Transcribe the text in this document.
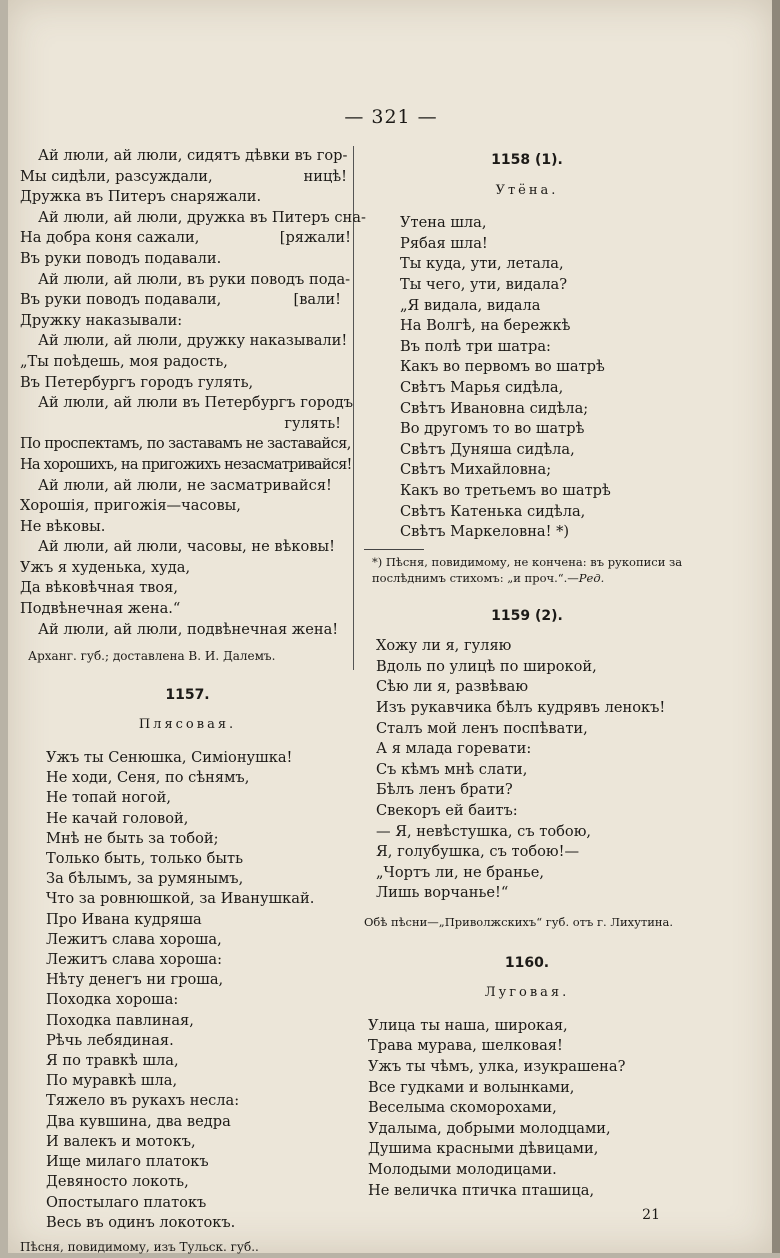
— 321 —
Ай люли, ай люли, сидятъ дѣвки въ гор-
Мы сидѣли, разсуждали,	ницѣ!
Дружка въ Питеръ снаряжали.
Ай люли, ай люли, дружка въ Питеръ сна-
На добра коня сажали,	[ряжали!
Въ руки поводъ подавали.
Ай люли, ай люли, въ руки поводъ пода-
Въ руки поводъ подавали,	[вали!
Дружку наказывали:
Ай люли, ай люли, дружку наказывали!
„Ты поѣдешь, моя радость,
Въ Петербургъ городъ гулять,
Ай люли, ай люли въ Петербургъ городъ
гулять!
По проспектамъ, по заставамъ не заставайся,
На хорошихъ, на пригожихъ незасматривайся!
Ай люли, ай люли, не засматривайся!
Хорошія, пригожія—часовы,
Не вѣковы.
Ай люли, ай люли, часовы, не вѣковы!
Ужъ я худенька, худа,
Да вѣковѣчная твоя,
Подвѣнечная жена.“
Ай люли, ай люли, подвѣнечная жена!
Арханг. губ.; доставлена В. И. Далемъ.
1157.
Плясовая.
Ужъ ты Сенюшка, Симіонушка!
Не ходи, Сеня, по сѣнямъ,
Не топай ногой,
Не качай головой,
Мнѣ не быть за тобой;
Только быть, только быть
За бѣлымъ, за румянымъ,
Что за ровнюшкой, за Иванушкай.
Про Ивана кудряша
Лежитъ слава хороша,
Лежитъ слава хороша:
Нѣту денегъ ни гроша,
Походка хороша:
Походка павлиная,
Рѣчь лебядиная.
Я по травкѣ шла,
По муравкѣ шла,
Тяжело въ рукахъ несла:
Два кувшина, два ведра
И валекъ и мотокъ,
Ище милаго платокъ
Девяносто локоть,
Опостылаго платокъ
Весь въ одинъ локотокъ.
Пѣсня, повидимому, изъ Тульск. губ..
1158 (1).
Утёна.
Утена шла,
Рябая шла!
Ты куда, ути, летала,
Ты чего, ути, видала?
„Я видала, видала
На Волгѣ, на бережкѣ
Въ полѣ три шатра:
Какъ во первомъ во шатрѣ
Свѣтъ Марья сидѣла,
Свѣтъ Ивановна сидѣла;
Во другомъ то во шатрѣ
Свѣтъ Дуняша сидѣла,
Свѣтъ Михайловна;
Какъ во третьемъ во шатрѣ
Свѣтъ Катенька сидѣла,
Свѣтъ Маркеловна! *)
*) Пѣсня, повидимому, не кончена: въ рукописи за послѣднимъ стихомъ: „и проч.“.—Ред.
1159 (2).
Хожу ли я, гуляю
Вдоль по улицѣ по широкой,
Сѣю ли я, развѣваю
Изъ рукавчика бѣлъ кудрявъ ленокъ!
Сталъ мой ленъ поспѣвати,
А я млада горевати:
Съ кѣмъ мнѣ слати,
Бѣлъ ленъ брати?
Свекоръ ей баитъ:
— Я, невѣстушка, съ тобою,
Я, голубушка, съ тобою!—
„Чортъ ли, не бранье,
Лишь ворчанье!“
Обѣ пѣсни—„Приволжскихъ“ губ. отъ г. Лихутина.
1160.
Луговая.
Улица ты наша, широкая,
Трава мурава, шелковая!
Ужъ ты чѣмъ, улка, изукрашена?
Все гудками и волынками,
Веселыма скоморохами,
Удалыма, добрыми молодцами,
Душима красными дѣвицами,
Молодыми молодицами.
Не величка птичка пташица,
21
